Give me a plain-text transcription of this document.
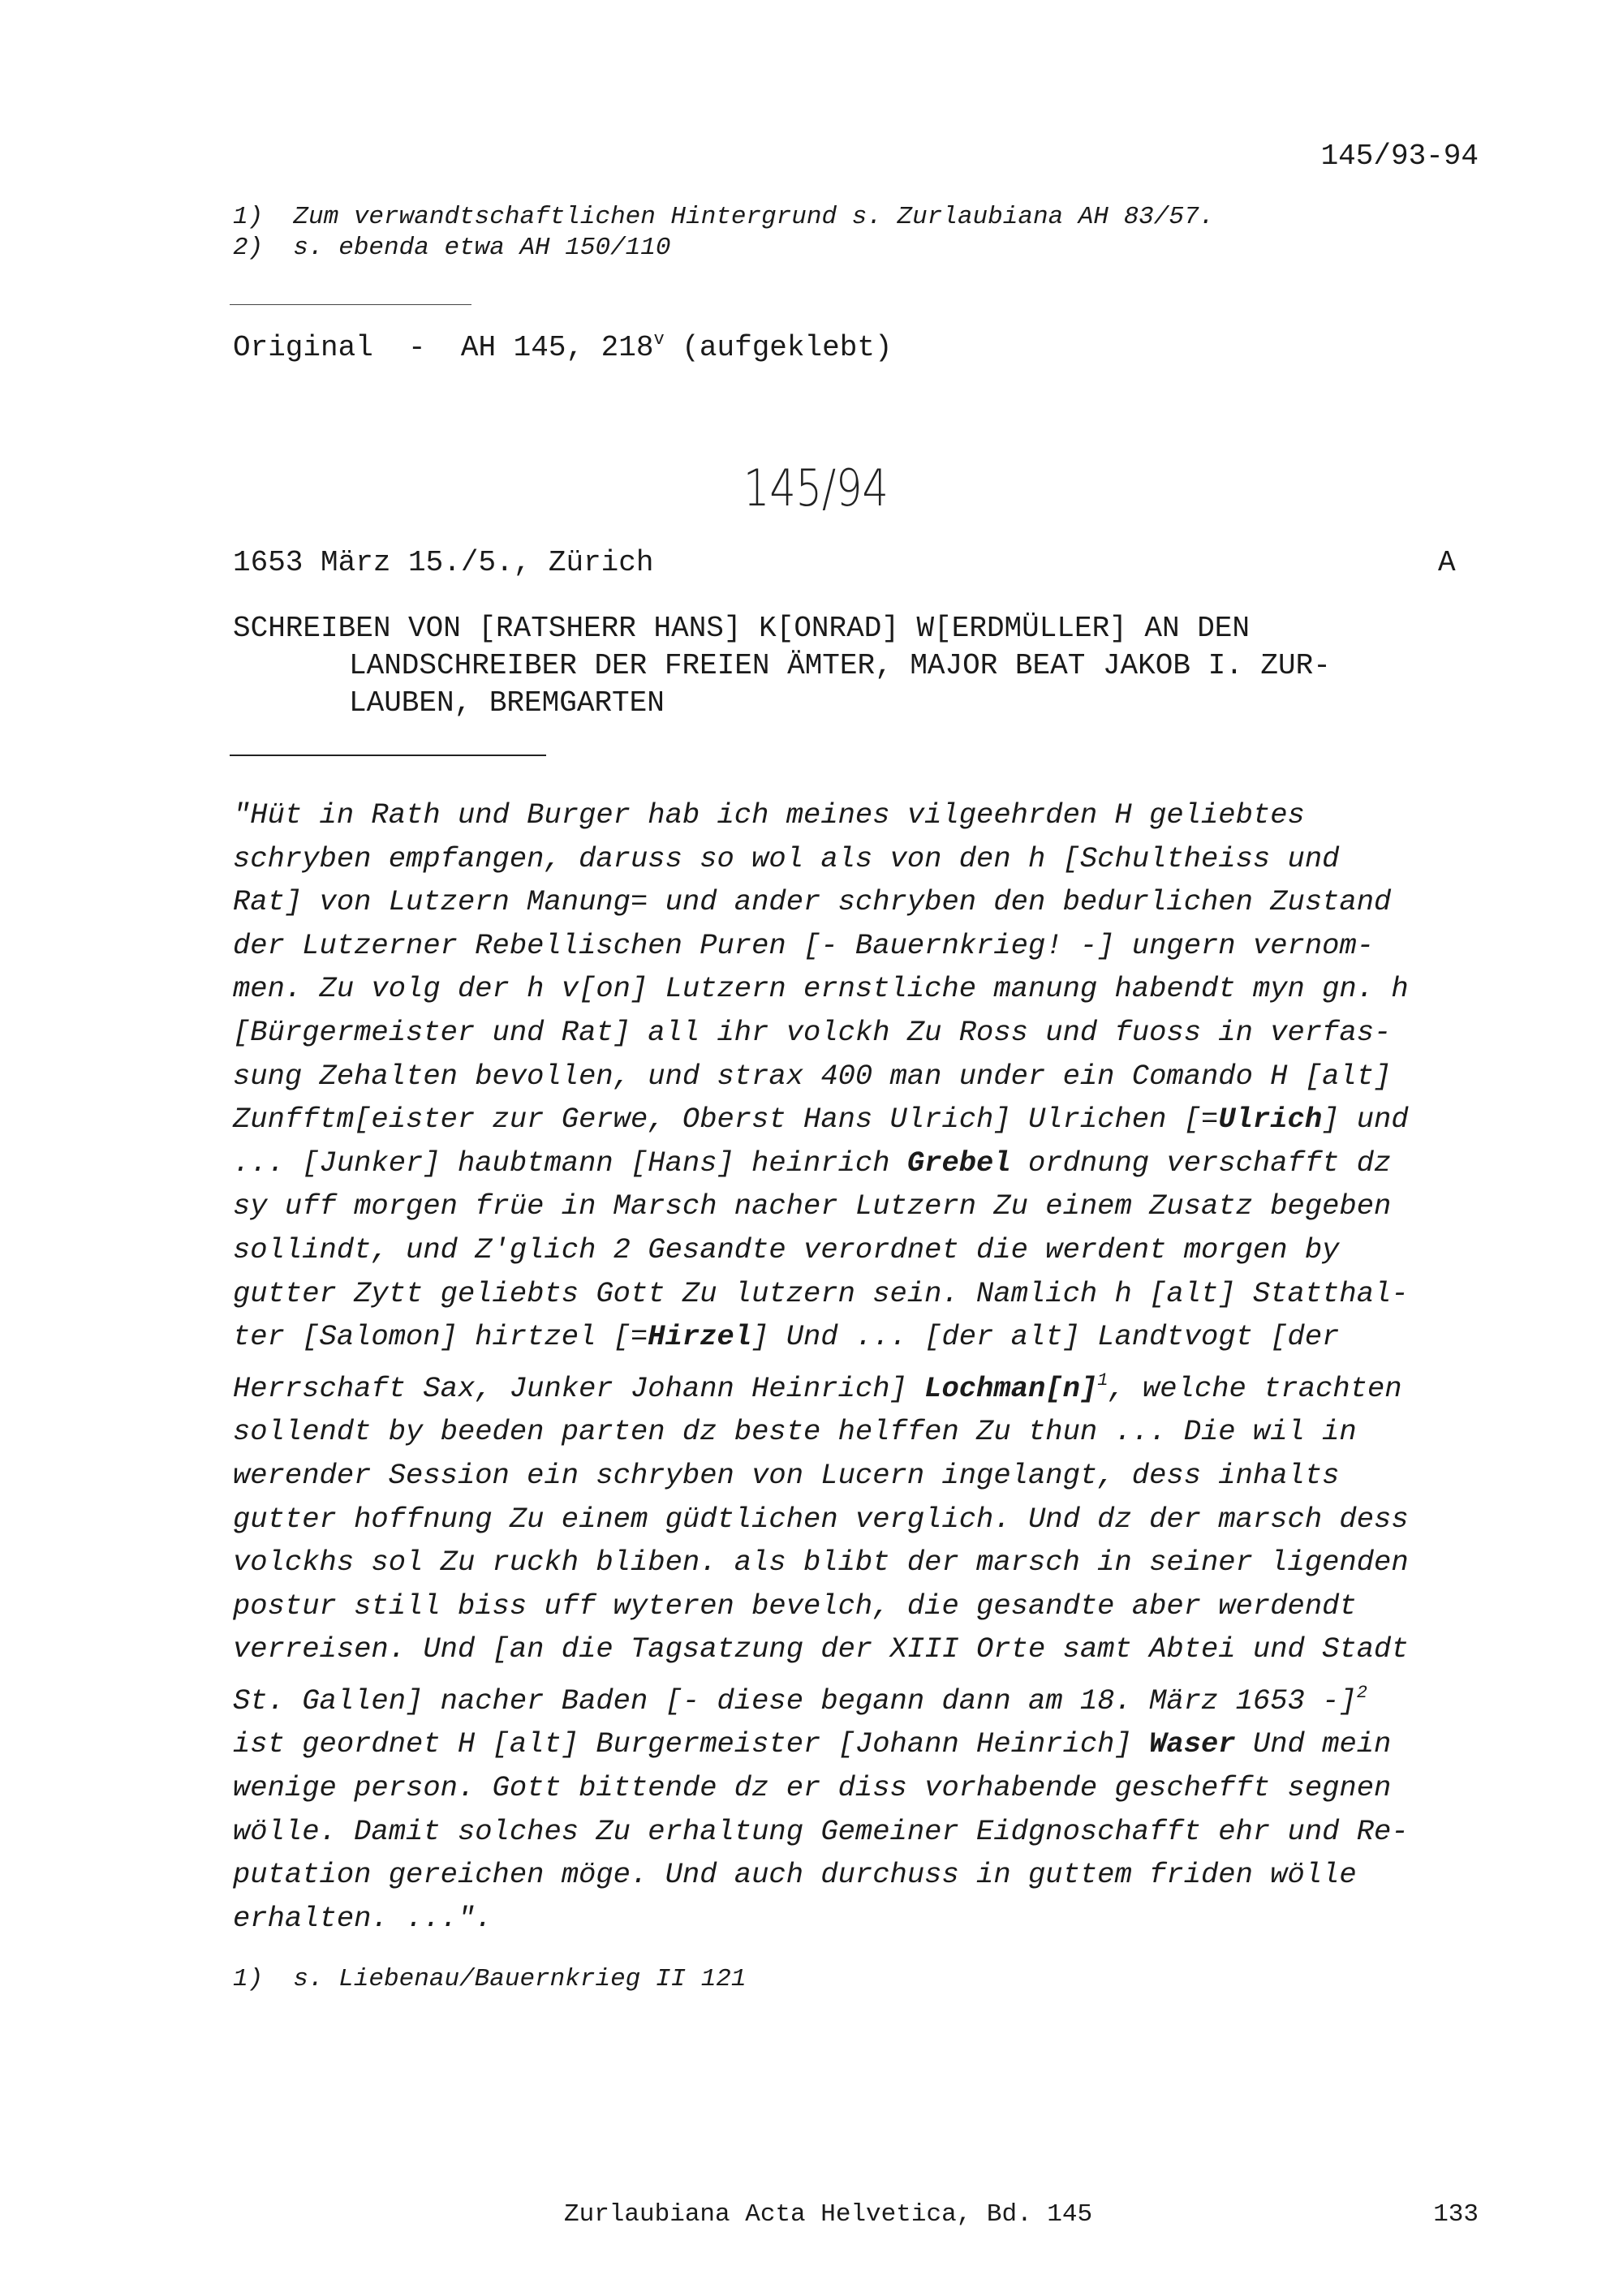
145/93-94
1)  Zum verwandtschaftlichen Hintergrund s. Zurlaubiana AH 83/57.
2)  s. ebenda etwa AH 150/110
Original  -  AH 145, 218$^v$ (aufgeklebt)
145/94
1653 März 15./5., Zürich	A
SCHREIBEN VON [RATSHERR HANS] K[ONRAD] W[ERDMÜLLER] AN DEN
LANDSCHREIBER DER FREIEN ÄMTER, MAJOR BEAT JAKOB I. ZUR-
LAUBEN, BREMGARTEN
"Hüt in Rath und Burger hab ich meines vilgeehrden H geliebtes
schryben empfangen, daruss so wol als von den h [Schultheiss und
Rat] von Lutzern Manung= und ander schryben den bedurlichen Zustand
der Lutzerner Rebellischen Puren [- Bauernkrieg! -] ungern vernom-
men. Zu volg der h v[on] Lutzern ernstliche manung habendt myn gn. h
[Bürgermeister und Rat] all ihr volckh Zu Ross und fuoss in verfas-
sung Zehalten bevollen, und strax 400 man under ein Comando H [alt]
Zunfftm[eister zur Gerwe, Oberst Hans Ulrich] Ulrichen [=Ulrich] und
... [Junker] haubtmann [Hans] heinrich Grebel ordnung verschafft dz
sy uff morgen früe in Marsch nacher Lutzern Zu einem Zusatz begeben
sollindt, und Z'glich 2 Gesandte verordnet die werdent morgen by
gutter Zytt geliebts Gott Zu lutzern sein. Namlich h [alt] Statthal-
ter [Salomon] hirtzel [=Hirzel] Und ... [der alt] Landtvogt [der
Herrschaft Sax, Junker Johann Heinrich] $Lochman[n]^1$, welche trachten
sollendt by beeden parten dz beste helffen Zu thun ... Die wil in
werender Session ein schryben von Lucern ingelangt, dess inhalts
gutter hoffnung Zu einem güdtlichen verglich. Und dz der marsch dess
volckhs sol Zu ruckh bliben. als blibt der marsch in seiner ligenden
postur still biss uff wyteren bevelch, die gesandte aber werdendt
verreisen. Und [an die Tagsatzung der XIII Orte samt Abtei und Stadt
St. Gallen] nacher Baden [- diese begann dann am 18. März 1653 -]$^2$
ist geordnet H [alt] Burgermeister [Johann Heinrich] Waser Und mein
wenige person. Gott bittende dz er diss vorhabende geschefft segnen
wölle. Damit solches Zu erhaltung Gemeiner Eidgnoschafft ehr und Re-
putation gereichen möge. Und auch durchuss in guttem friden wölle
erhalten. ...".
1)  s. Liebenau/Bauernkrieg II 121
Zurlaubiana Acta Helvetica, Bd. 145	133
